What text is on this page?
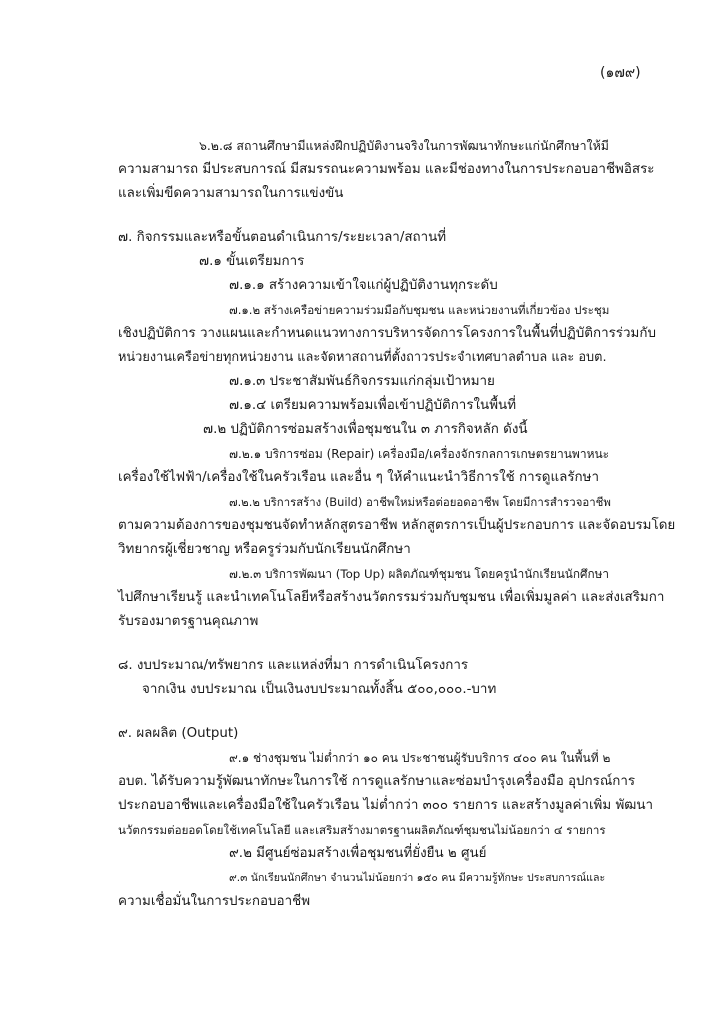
(๑๗๙)
๖.๒.๘ สถานศึกษามีแหล่งฝึกปฏิบัติงานจริงในการพัฒนาทักษะแก่นักศึกษาให้มี
ความสามารถ มีประสบการณ์ มีสมรรถนะความพร้อม และมีช่องทางในการประกอบอาชีพอิสระ
และเพิ่มขีดความสามารถในการแข่งขัน
๗. กิจกรรมและหรือขั้นตอนดำเนินการ/ระยะเวลา/สถานที่
๗.๑ ขั้นเตรียมการ
๗.๑.๑ สร้างความเข้าใจแก่ผู้ปฏิบัติงานทุกระดับ
๗.๑.๒ สร้างเครือข่ายความร่วมมือกับชุมชน และหน่วยงานที่เกี่ยวข้อง ประชุม
เชิงปฏิบัติการ วางแผนและกำหนดแนวทางการบริหารจัดการโครงการในพื้นที่ปฏิบัติการร่วมกับ
หน่วยงานเครือข่ายทุกหน่วยงาน และจัดหาสถานที่ตั้งถาวรประจำเทศบาลตำบล และ อบต.
๗.๑.๓ ประชาสัมพันธ์กิจกรรมแก่กลุ่มเป้าหมาย
๗.๑.๔ เตรียมความพร้อมเพื่อเข้าปฏิบัติการในพื้นที่
๗.๒ ปฏิบัติการซ่อมสร้างเพื่อชุมชนใน ๓ ภารกิจหลัก ดังนี้
๗.๒.๑ บริการซ่อม (Repair) เครื่องมือ/เครื่องจักรกลการเกษตรยานพาหนะ
เครื่องใช้ไฟฟ้า/เครื่องใช้ในครัวเรือน และอื่น ๆ ให้คำแนะนำวิธีการใช้ การดูแลรักษา
๗.๒.๒ บริการสร้าง (Build) อาชีพใหม่หรือต่อยอดอาชีพ โดยมีการสำรวจอาชีพ
ตามความต้องการของชุมชนจัดทำหลักสูตรอาชีพ หลักสูตรการเป็นผู้ประกอบการ และจัดอบรมโดย
วิทยากรผู้เชี่ยวชาญ หรือครูร่วมกับนักเรียนนักศึกษา
๗.๒.๓ บริการพัฒนา (Top Up) ผลิตภัณฑ์ชุมชน โดยครูนำนักเรียนนักศึกษา
ไปศึกษาเรียนรู้ และนำเทคโนโลยีหรือสร้างนวัตกรรมร่วมกับชุมชน เพื่อเพิ่มมูลค่า และส่งเสริมกา
รับรองมาตรฐานคุณภาพ
๘. งบประมาณ/ทรัพยากร และแหล่งที่มา การดำเนินโครงการ
จากเงิน งบประมาณ เป็นเงินงบประมาณทั้งสิ้น ๕๐๐,๐๐๐.-บาท
๙. ผลผลิต (Output)
๙.๑ ช่างชุมชน ไม่ต่ำกว่า ๑๐ คน ประชาชนผู้รับบริการ ๔๐๐ คน ในพื้นที่ ๒
อบต. ได้รับความรู้พัฒนาทักษะในการใช้ การดูแลรักษาและซ่อมบำรุงเครื่องมือ อุปกรณ์การ
ประกอบอาชีพและเครื่องมือใช้ในครัวเรือน ไม่ต่ำกว่า ๓๐๐ รายการ และสร้างมูลค่าเพิ่ม พัฒนา
นวัตกรรมต่อยอดโดยใช้เทคโนโลยี และเสริมสร้างมาตรฐานผลิตภัณฑ์ชุมชนไม่น้อยกว่า ๔ รายการ
๙.๒ มีศูนย์ซ่อมสร้างเพื่อชุมชนที่ยั่งยืน ๒ ศูนย์
๙.๓ นักเรียนนักศึกษา จำนวนไม่น้อยกว่า ๑๕๐ คน มีความรู้ทักษะ ประสบการณ์และ
ความเชื่อมั่นในการประกอบอาชีพ
